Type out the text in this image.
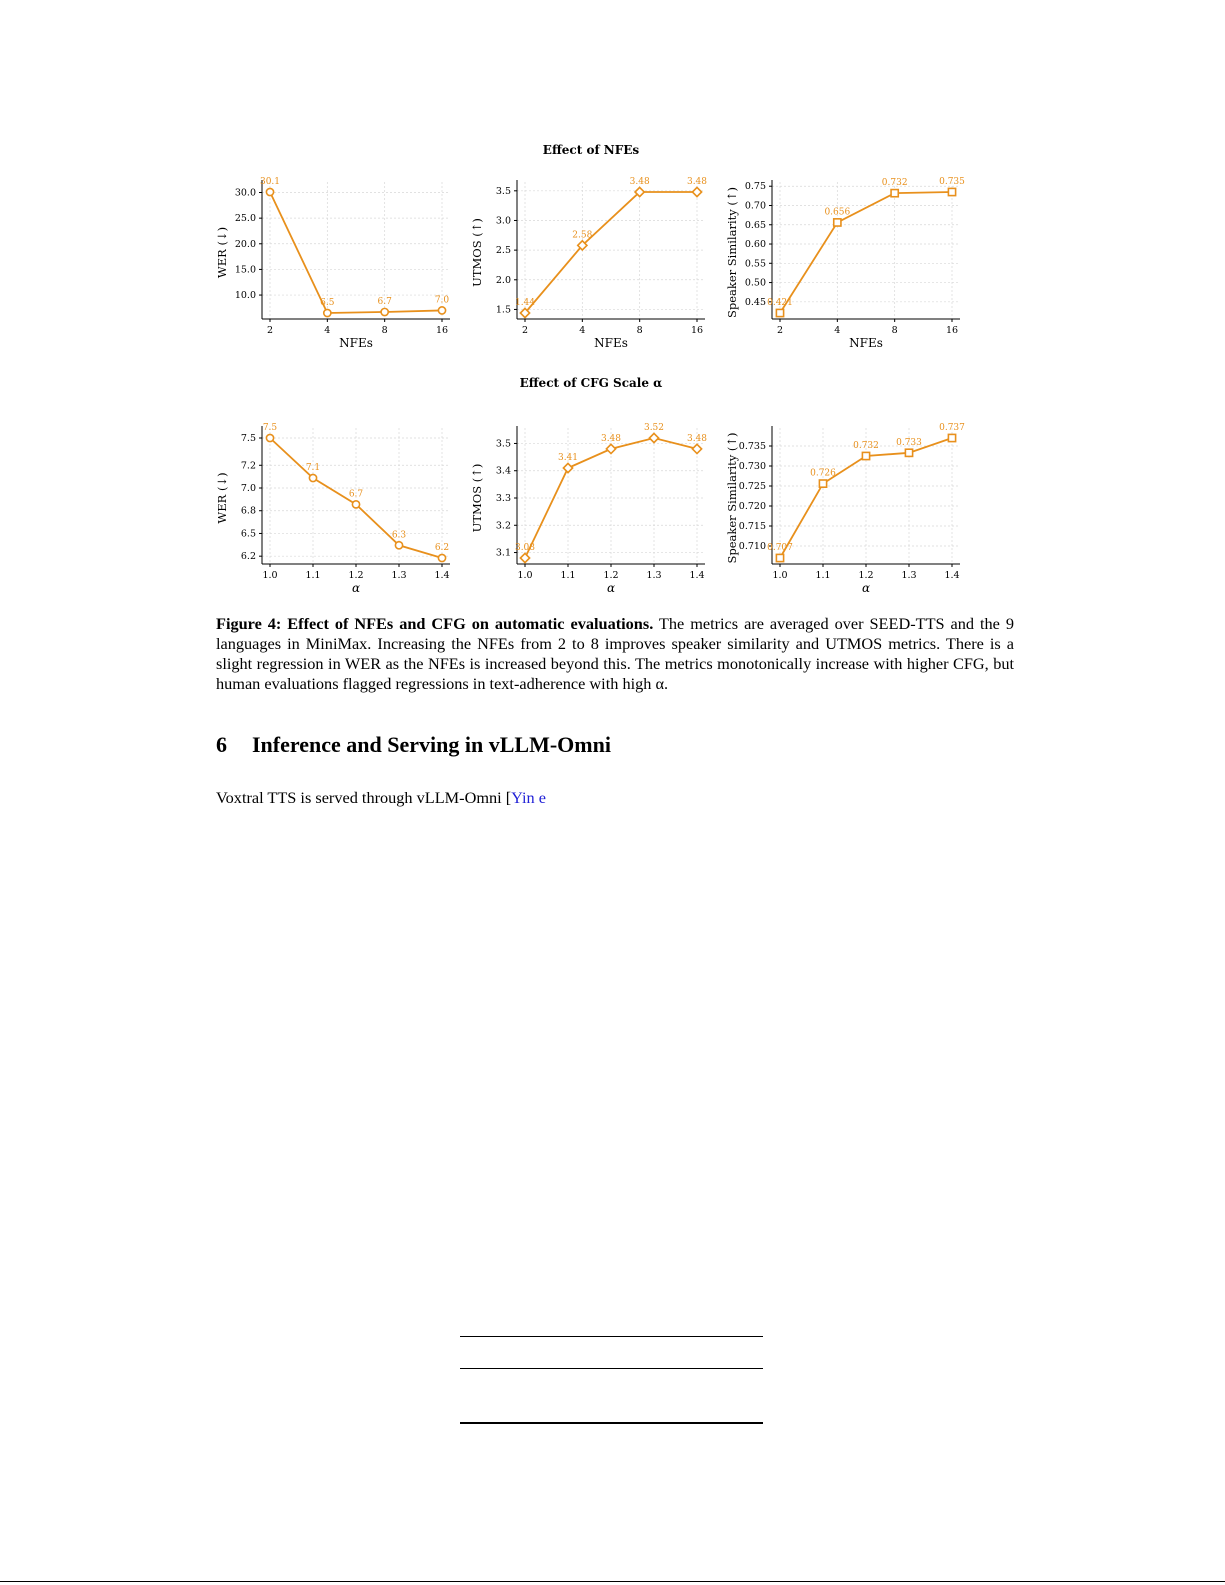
Effect of NFEs
Effect of CFG Scale α
10.0
15.0
20.0
25.0
30.0
2	4	8	16
NFEs
WER (↓)
30.1
6.5	6.7	7.0
1.5
2.0
2.5
3.0
3.5
2	4	8	16
NFEs
UTMOS (↑)
1.44
2.58
3.48	3.48
0.45
0.50
0.55
0.60
0.65
0.70
0.75
2	4	8	16
NFEs
Speaker Similarity (↑)	0.421
0.656
0.732	0.735
6.2
6.5
6.8
7.0
7.2
7.5
1.0	1.1	1.2	1.3	1.4
α
WER (↓)
7.5
7.1
6.7
6.3
6.2	3.1
3.2
3.3
3.4
3.5
1.0	1.1	1.2	1.3	1.4
α
UTMOS (↑)
3.08
3.41
3.48
3.52
3.48
0.710
0.715
0.720
0.725
0.730
0.735
1.0	1.1	1.2	1.3	1.4
α
Speaker Similarity (↑)	0.707
0.726
0.732 0.733
0.737

Figure 4: Effect of NFEs and CFG on automatic evaluations. The metrics are averaged over SEED-TTS and the 9 languages in MiniMax. Increasing the NFEs from 2 to 8 improves speaker similarity and UTMOS metrics. There is a slight regression in WER as the NFEs is increased beyond this. The metrics monotonically increase with higher CFG, but human evaluations flagged regressions in text-adherence with high α.

6 Inference and Serving in vLLM-Omni

Voxtral TTS is served through vLLM-Omni [Yin e
